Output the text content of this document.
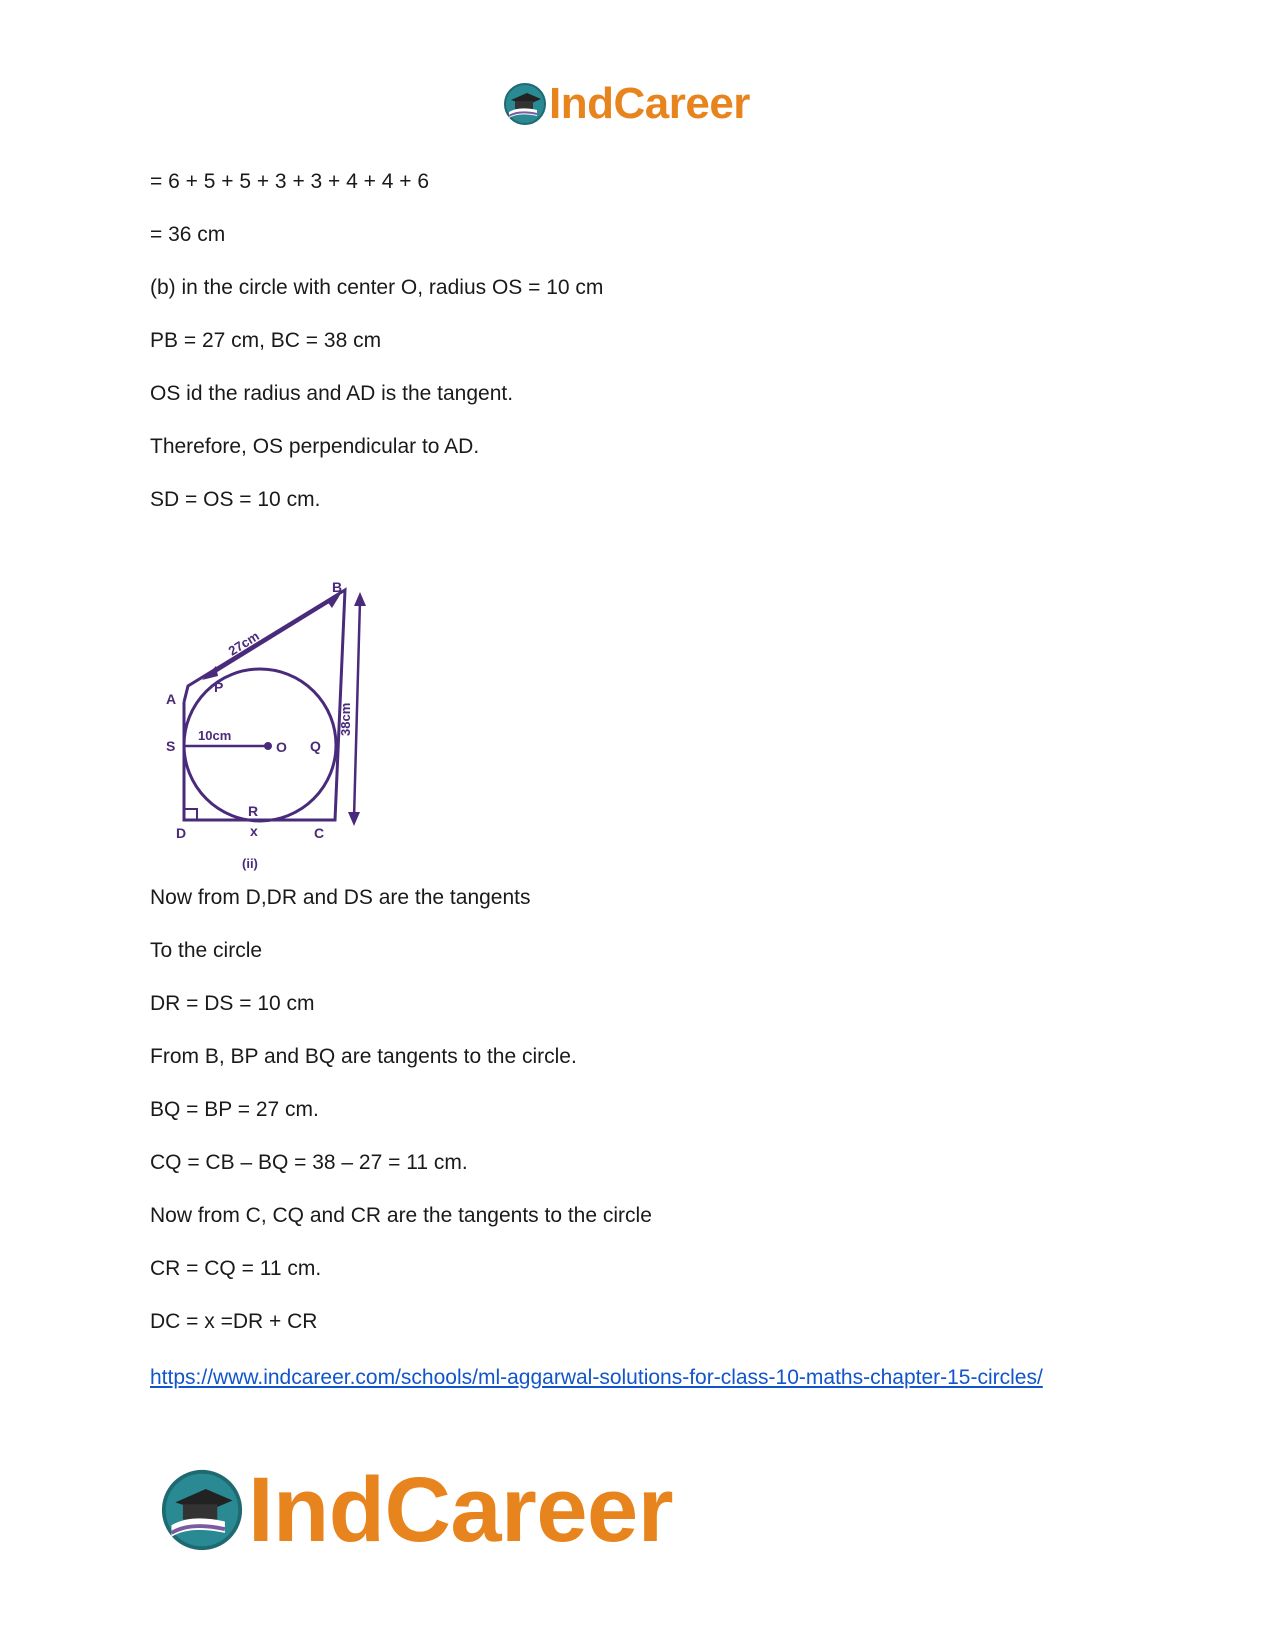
IndCareer
= 6 + 5 + 5 + 3 + 3 + 4 + 4 + 6
= 36 cm
(b) in the circle with center O, radius OS = 10 cm
PB = 27 cm, BC = 38 cm
OS id the radius and AD is the tangent.
Therefore, OS perpendicular to AD.
SD = OS = 10 cm.
B
A
P
S	O Q
D
R
x	C
10cm
27cm
38cm
(ii)
Now from D,DR and DS are the tangents
To the circle
DR = DS = 10 cm
From B, BP and BQ are tangents to the circle.
BQ = BP = 27 cm.
CQ = CB – BQ = 38 – 27 = 11 cm.
Now from C, CQ and CR are the tangents to the circle
CR = CQ = 11 cm.
DC = x =DR + CR
https://www.indcareer.com/schools/ml-aggarwal-solutions-for-class-10-maths-chapter-15-circles/
IndCareer
